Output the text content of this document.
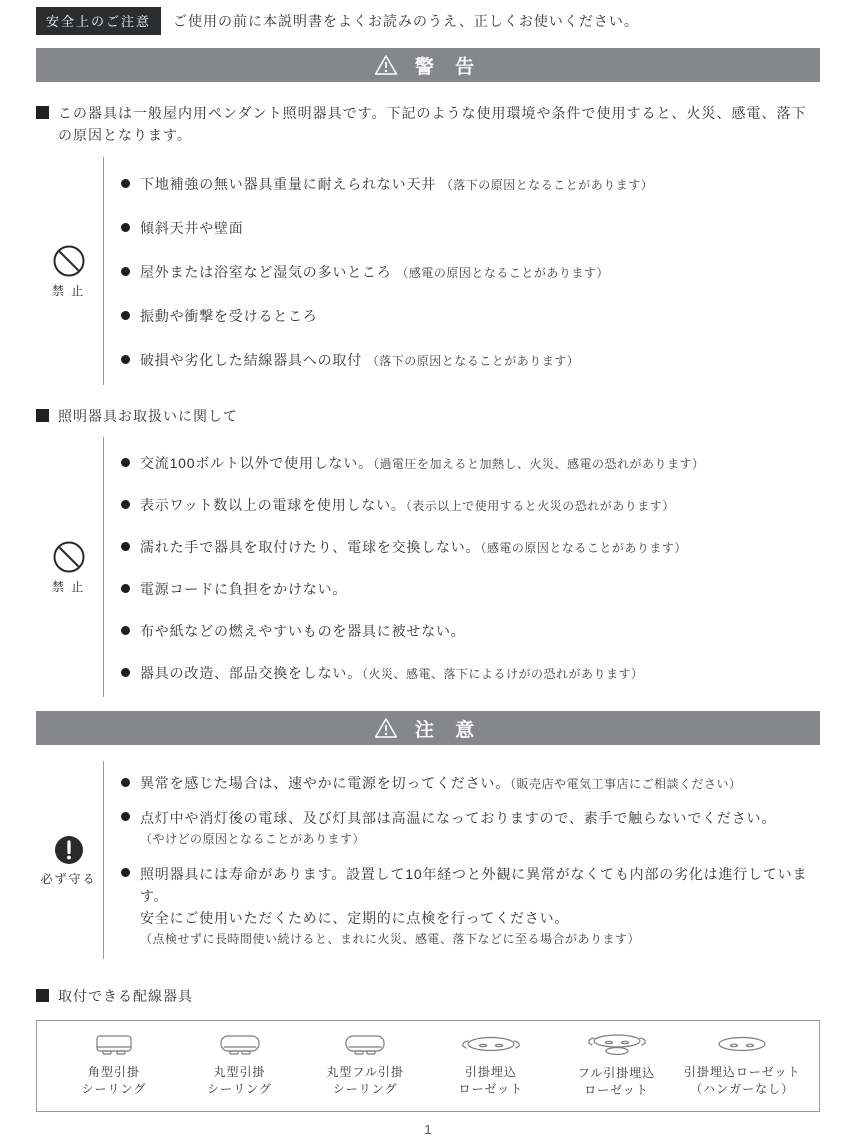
安全上のご注意	ご使用の前に本説明書をよくお読みのうえ、正しくお使いください。
警 告
この器具は一般屋内用ペンダント照明器具です。下記のような使用環境や条件で使用すると、火災、感電、落下の原因となります。
禁 止
下地補強の無い器具重量に耐えられない天井 （落下の原因となることがあります）
傾斜天井や壁面
屋外または浴室など湿気の多いところ （感電の原因となることがあります）
振動や衝撃を受けるところ
破損や劣化した結線器具への取付 （落下の原因となることがあります）
照明器具お取扱いに関して
禁 止
交流100ボルト以外で使用しない。（過電圧を加えると加熱し、火災、感電の恐れがあります）
表示ワット数以上の電球を使用しない。（表示以上で使用すると火災の恐れがあります）
濡れた手で器具を取付けたり、電球を交換しない。（感電の原因となることがあります）
電源コードに負担をかけない。
布や紙などの燃えやすいものを器具に被せない。
器具の改造、部品交換をしない。（火災、感電、落下によるけがの恐れがあります）
注 意
必ず守る
異常を感じた場合は、速やかに電源を切ってください。（販売店や電気工事店にご相談ください）
点灯中や消灯後の電球、及び灯具部は高温になっておりますので、素手で触らないでください。
（やけどの原因となることがあります）
照明器具には寿命があります。設置して10年経つと外観に異常がなくても内部の劣化は進行しています。
安全にご使用いただくために、定期的に点検を行ってください。
（点検せずに長時間使い続けると、まれに火災、感電、落下などに至る場合があります）
取付できる配線器具
角型引掛
シーリング
丸型引掛
シーリング
丸型フル引掛
シーリング
引掛埋込
ローゼット
フル引掛埋込
ローゼット
引掛埋込ローゼット
（ハンガーなし）
1
